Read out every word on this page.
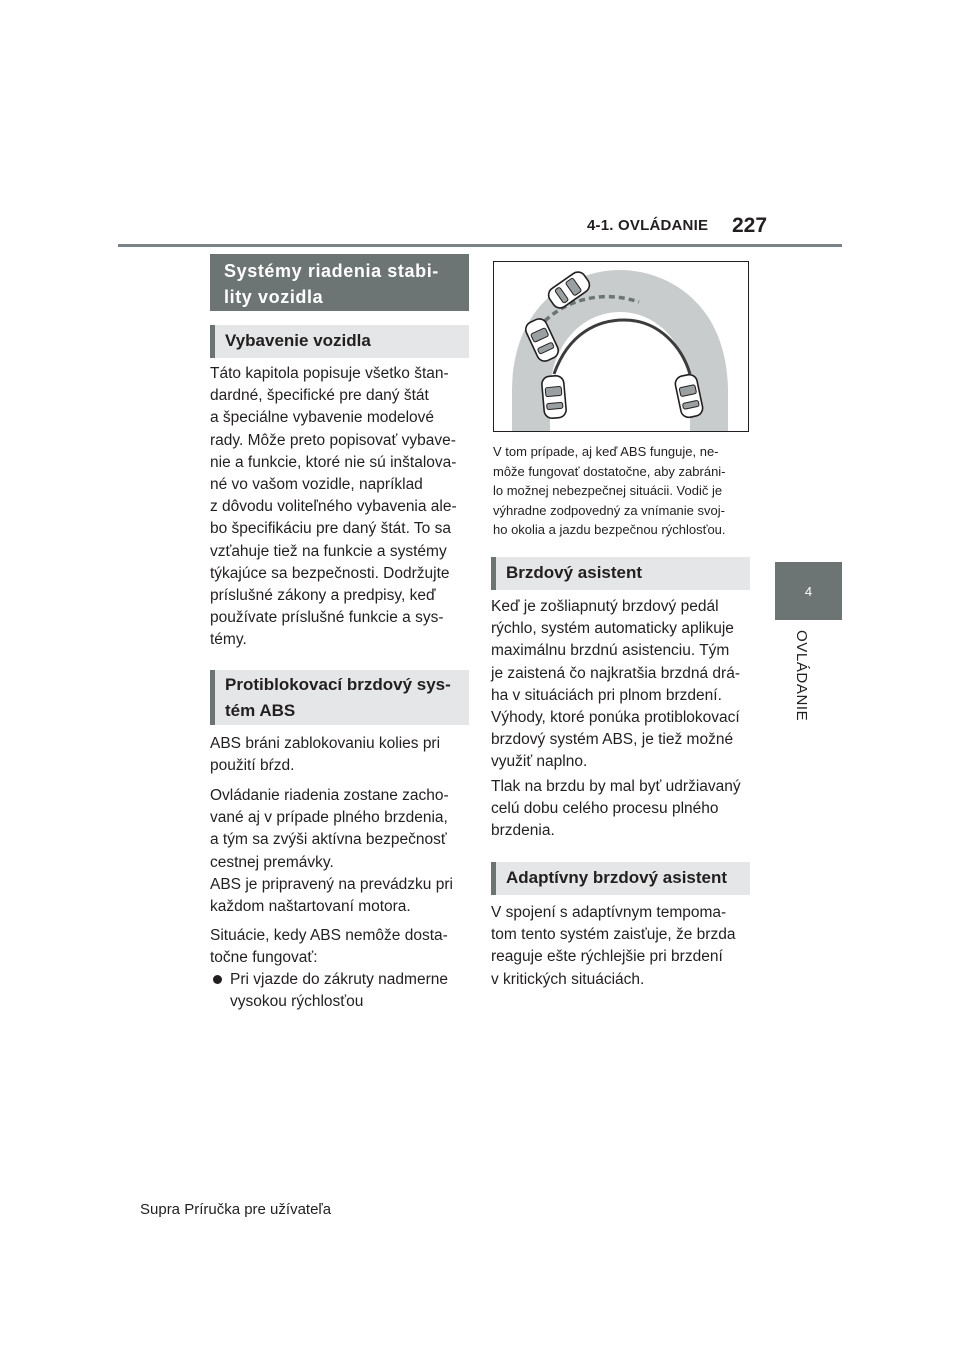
4-1. OVLÁDANIE 227
4
OVLÁDANIE
Systémy riadenia stabi-
lity vozidla
Vybavenie vozidla
Táto kapitola popisuje všetko štan-
dardné, špecifické pre daný štát
a špeciálne vybavenie modelové
rady. Môže preto popisovať vybave-
nie a funkcie, ktoré nie sú inštalova-
né vo vašom vozidle, napríklad
z dôvodu voliteľného vybavenia ale-
bo špecifikáciu pre daný štát. To sa
vzťahuje tiež na funkcie a systémy
týkajúce sa bezpečnosti. Dodržujte
príslušné zákony a predpisy, keď
používate príslušné funkcie a sys-
témy.
Protiblokovací brzdový sys-
tém ABS
ABS bráni zablokovaniu kolies pri
použití bŕzd.
Ovládanie riadenia zostane zacho-
vané aj v prípade plného brzdenia,
a tým sa zvýši aktívna bezpečnosť
cestnej premávky.
ABS je pripravený na prevádzku pri
každom naštartovaní motora.
Situácie, kedy ABS nemôže dosta-
točne fungovať:
Pri vjazde do zákruty nadmerne
vysokou rýchlosťou
V tom prípade, aj keď ABS funguje, ne-
môže fungovať dostatočne, aby zabráni-
lo možnej nebezpečnej situácii. Vodič je
výhradne zodpovedný za vnímanie svoj-
ho okolia a jazdu bezpečnou rýchlosťou.
Brzdový asistent
Keď je zošliapnutý brzdový pedál
rýchlo, systém automaticky aplikuje
maximálnu brzdnú asistenciu. Tým
je zaistená čo najkratšia brzdná drá-
ha v situáciách pri plnom brzdení.
Výhody, ktoré ponúka protiblokovací
brzdový systém ABS, je tiež možné
využiť naplno.
Tlak na brzdu by mal byť udržiavaný
celú dobu celého procesu plného
brzdenia.
Adaptívny brzdový asistent
V spojení s adaptívnym tempoma-
tom tento systém zaisťuje, že brzda
reaguje ešte rýchlejšie pri brzdení
v kritických situáciách.
Supra Príručka pre užívateľa
